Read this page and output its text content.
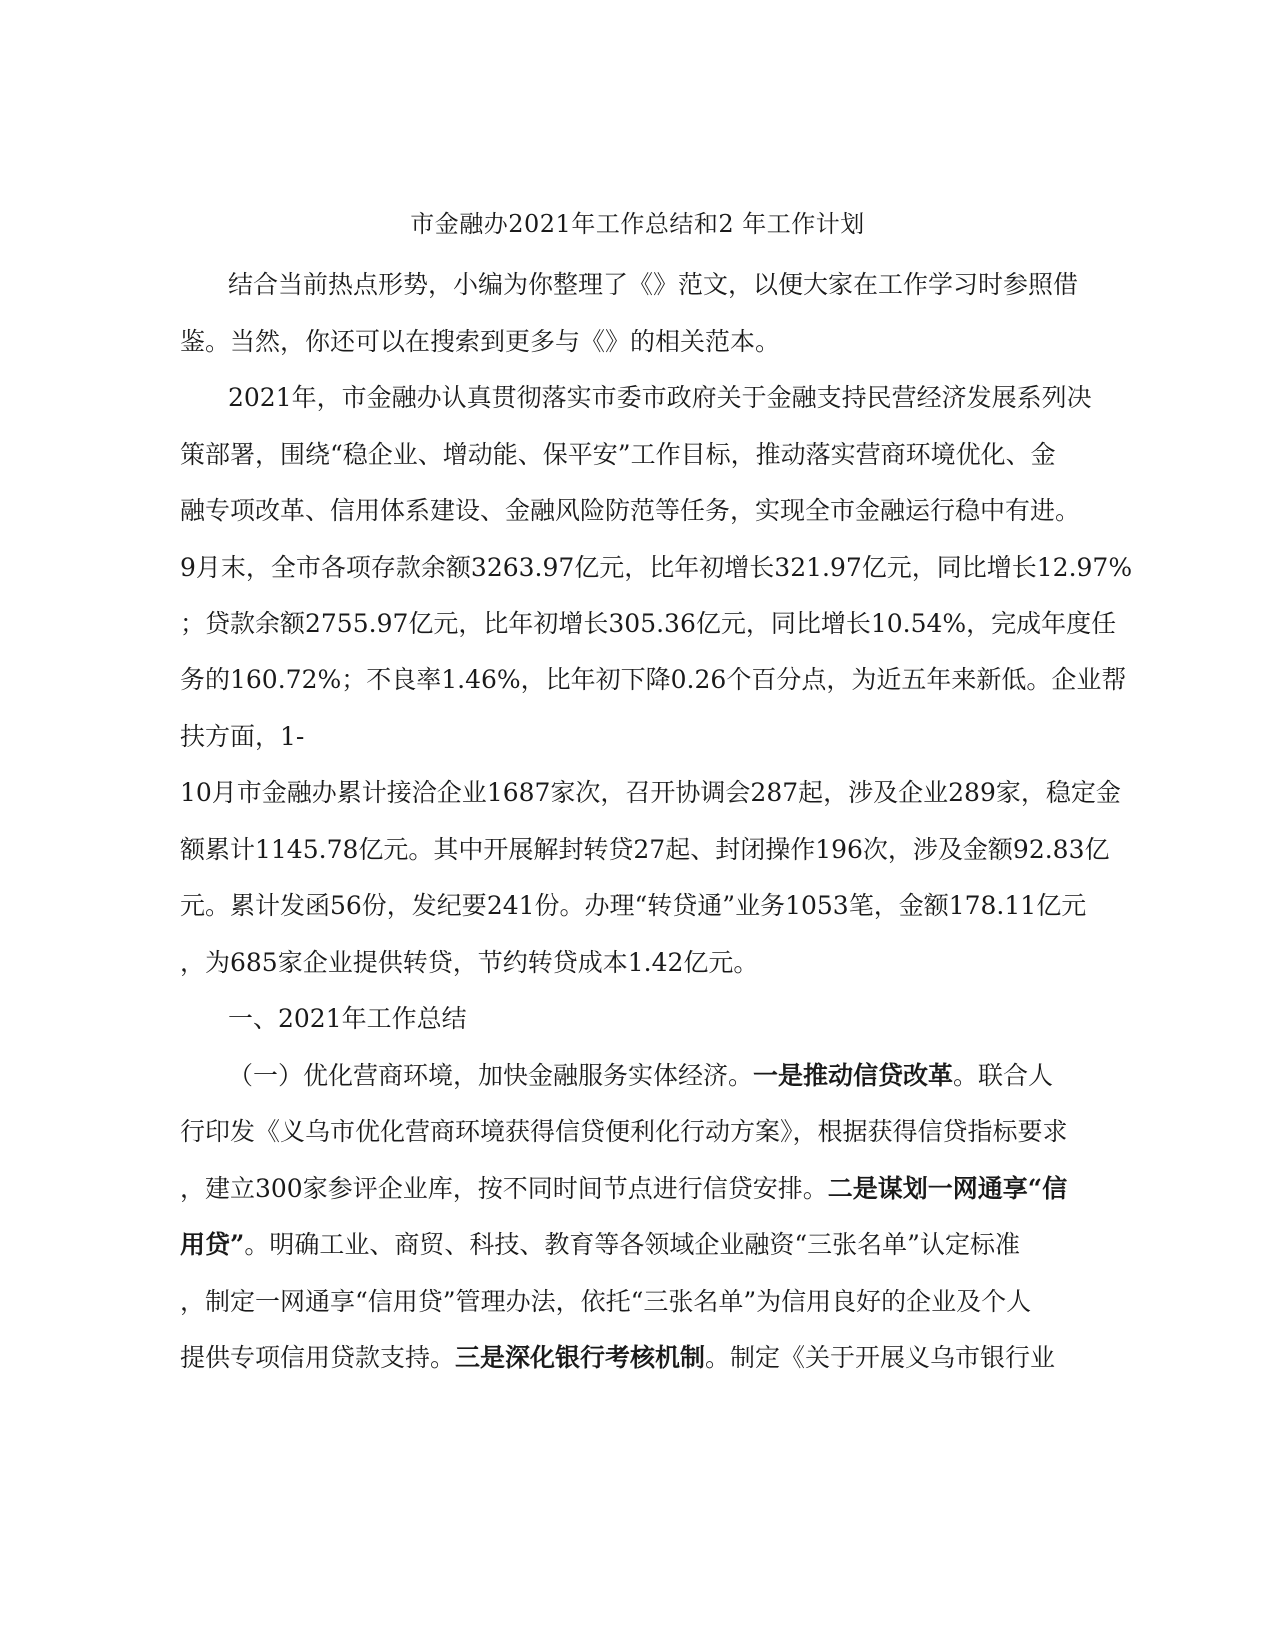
市金融办2021年工作总结和2 年工作计划

结合当前热点形势，小编为你整理了《》范文，以便大家在工作学习时参照借

鉴。当然，你还可以在搜索到更多与《》的相关范本。

2021年，市金融办认真贯彻落实市委市政府关于金融支持民营经济发展系列决

策部署，围绕“稳企业、增动能、保平安”工作目标，推动落实营商环境优化、金

融专项改革、信用体系建设、金融风险防范等任务，实现全市金融运行稳中有进。

9月末，全市各项存款余额3263.97亿元，比年初增长321.97亿元，同比增长12.97%

；贷款余额2755.97亿元，比年初增长305.36亿元，同比增长10.54%，完成年度任

务的160.72%；不良率1.46%，比年初下降0.26个百分点，为近五年来新低。企业帮

扶方面，1-

10月市金融办累计接洽企业1687家次，召开协调会287起，涉及企业289家，稳定金

额累计1145.78亿元。其中开展解封转贷27起、封闭操作196次，涉及金额92.83亿

元。累计发函56份，发纪要241份。办理“转贷通”业务1053笔，金额178.11亿元

，为685家企业提供转贷，节约转贷成本1.42亿元。

一、2021年工作总结

（一）优化营商环境，加快金融服务实体经济。一是推动信贷改革。联合人

行印发《义乌市优化营商环境获得信贷便利化行动方案》，根据获得信贷指标要求

，建立300家参评企业库，按不同时间节点进行信贷安排。二是谋划一网通享“信

用贷”。明确工业、商贸、科技、教育等各领域企业融资“三张名单”认定标准

，制定一网通享“信用贷”管理办法，依托“三张名单”为信用良好的企业及个人

提供专项信用贷款支持。三是深化银行考核机制。制定《关于开展义乌市银行业
